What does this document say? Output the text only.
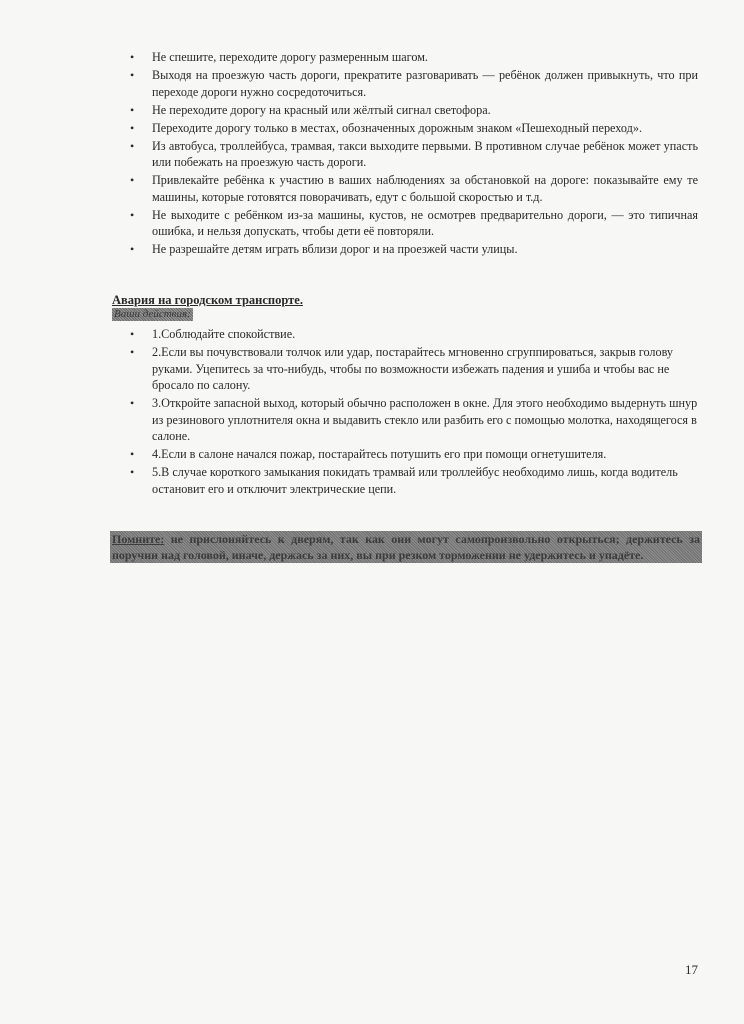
• Не спешите, переходите дорогу размеренным шагом.
• Выходя на проезжую часть дороги, прекратите разговаривать — ребёнок должен привыкнуть, что при переходе дороги нужно сосредоточиться.
• Не переходите дорогу на красный или жёлтый сигнал светофора.
• Переходите дорогу только в местах, обозначенных дорожным знаком «Пешеходный переход».
• Из автобуса, троллейбуса, трамвая, такси выходите первыми. В противном случае ребёнок может упасть или побежать на проезжую часть дороги.
• Привлекайте ребёнка к участию в ваших наблюдениях за обстановкой на дороге: показывайте ему те машины, которые готовятся поворачивать, едут с большой скоростью и т.д.
• Не выходите с ребёнком из-за машины, кустов, не осмотрев предварительно дороги, — это типичная ошибка, и нельзя допускать, чтобы дети её повторяли.
• Не разрешайте детям играть вблизи дорог и на проезжей части улицы.
Авария на городском транспорте.
Ваши действия:
• 1.Соблюдайте спокойствие.
• 2.Если вы почувствовали толчок или удар, постарайтесь мгновенно сгруппироваться, закрыв голову руками. Уцепитесь за что-нибудь, чтобы по возможности избежать падения и ушиба и чтобы вас не бросало по салону.
• 3.Откройте запасной выход, который обычно расположен в окне. Для этого необходимо выдернуть шнур из резинового уплотнителя окна и выдавить стекло или разбить его с помощью молотка, находящегося в салоне.
• 4.Если в салоне начался пожар, постарайтесь потушить его при помощи огнетушителя.
• 5.В случае короткого замыкания покидать трамвай или троллейбус необходимо лишь, когда водитель остановит его и отключит электрические цепи.
Помните: не прислоняйтесь к дверям, так как они могут самопроизвольно открыться; держитесь за поручни над головой, иначе, держась за них, вы при резком торможении не удержитесь и упадёте.
17
